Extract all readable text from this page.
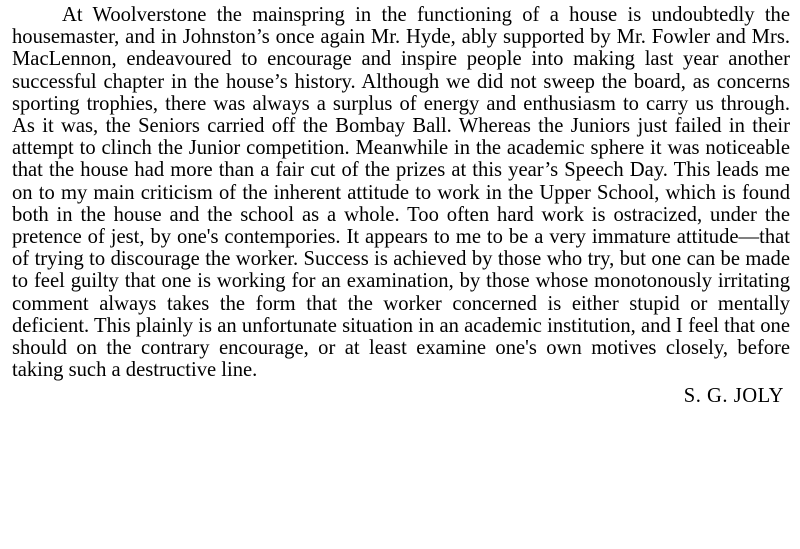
At Woolverstone the mainspring in the functioning of a house is undoubtedly the housemaster, and in Johnston’s once again Mr. Hyde, ably supported by Mr. Fowler and Mrs. MacLennon, endeavoured to encourage and inspire people into making last year another successful chapter in the house’s history. Although we did not sweep the board, as concerns sporting trophies, there was always a surplus of energy and enthusiasm to carry us through. As it was, the Seniors carried off the Bombay Ball. Whereas the Juniors just failed in their attempt to clinch the Junior competition. Meanwhile in the academic sphere it was noticeable that the house had more than a fair cut of the prizes at this year’s Speech Day. This leads me on to my main criticism of the inherent attitude to work in the Upper School, which is found both in the house and the school as a whole. Too often hard work is ostracized, under the pretence of jest, by one's contempories. It appears to me to be a very immature attitude—that of trying to discourage the worker. Success is achieved by those who try, but one can be made to feel guilty that one is working for an examination, by those whose monotonously irritating comment always takes the form that the worker concerned is either stupid or mentally deficient. This plainly is an unfortunate situation in an academic institution, and I feel that one should on the contrary encourage, or at least examine one's own motives closely, before taking such a destructive line.

S. G. JOLY
